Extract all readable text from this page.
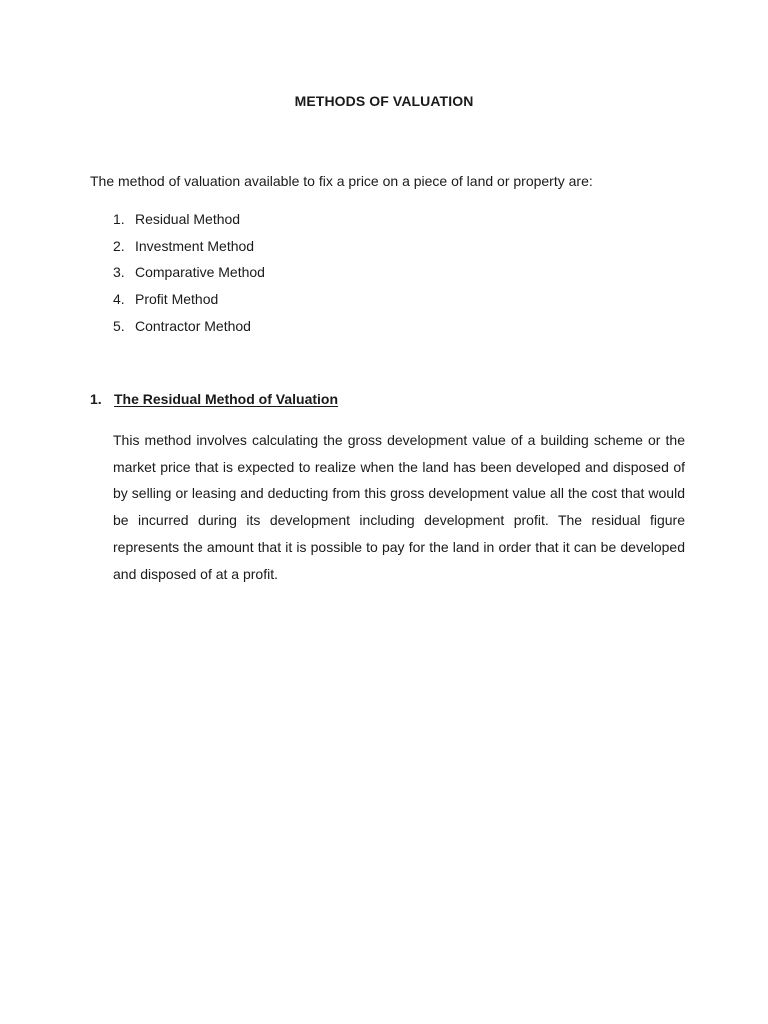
METHODS OF VALUATION

The method of valuation available to fix a price on a piece of land or property are:

1. Residual Method
2. Investment Method
3. Comparative Method
4. Profit Method
5. Contractor Method
1. The Residual Method of Valuation

This method involves calculating the gross development value of a building scheme or the market price that is expected to realize when the land has been developed and disposed of by selling or leasing and deducting from this gross development value all the cost that would be incurred during its development including development profit. The residual figure represents the amount that it is possible to pay for the land in order that it can be developed and disposed of at a profit.
